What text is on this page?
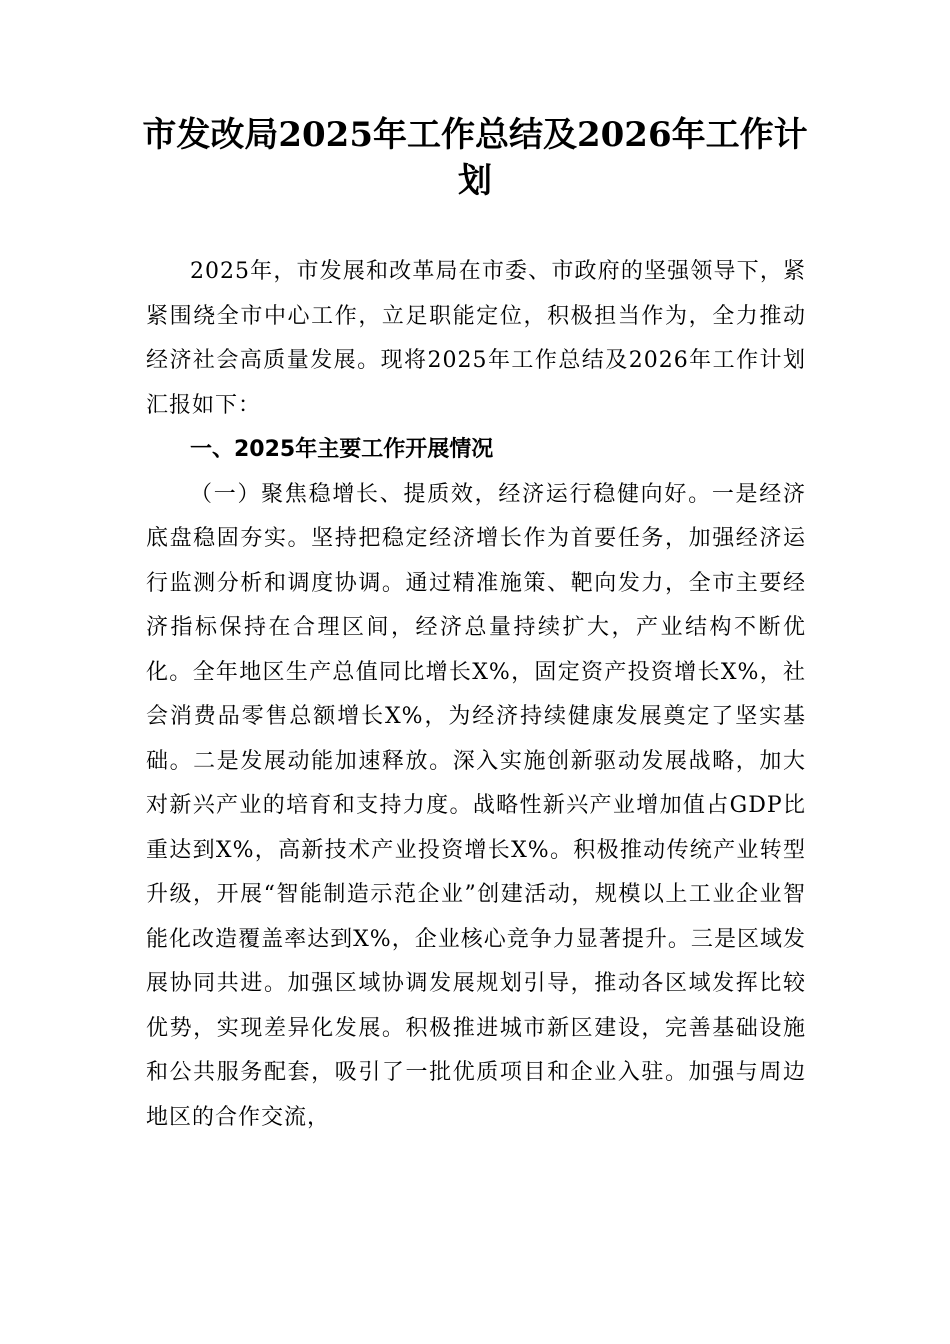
市发改局2025年工作总结及2026年工作计划

2025年，市发展和改革局在市委、市政府的坚强领导下，紧紧围绕全市中心工作，立足职能定位，积极担当作为，全力推动经济社会高质量发展。现将2025年工作总结及2026年工作计划汇报如下：

一、2025年主要工作开展情况

（一）聚焦稳增长、提质效，经济运行稳健向好。一是经济底盘稳固夯实。坚持把稳定经济增长作为首要任务，加强经济运行监测分析和调度协调。通过精准施策、靶向发力，全市主要经济指标保持在合理区间，经济总量持续扩大，产业结构不断优化。全年地区生产总值同比增长X%，固定资产投资增长X%，社会消费品零售总额增长X%，为经济持续健康发展奠定了坚实基础。二是发展动能加速释放。深入实施创新驱动发展战略，加大对新兴产业的培育和支持力度。战略性新兴产业增加值占GDP比重达到X%，高新技术产业投资增长X%。积极推动传统产业转型升级，开展“智能制造示范企业”创建活动，规模以上工业企业智能化改造覆盖率达到X%，企业核心竞争力显著提升。三是区域发展协同共进。加强区域协调发展规划引导，推动各区域发挥比较优势，实现差异化发展。积极推进城市新区建设，完善基础设施和公共服务配套，吸引了一批优质项目和企业入驻。加强与周边地区的合作交流，
